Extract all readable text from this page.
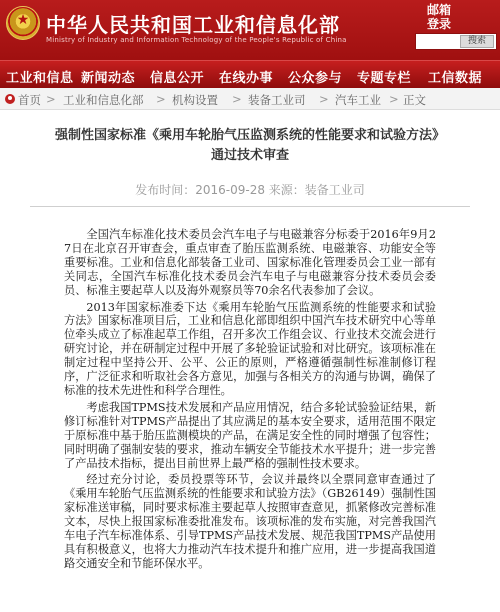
★
中华人民共和国工业和信息化部
Ministry of Industry and Information Technology of the People's Republic of China
邮箱
登录
搜索
工业和信息 新闻动态 信息公开 在线办事 公众参与 专题专栏 工信数据
首页 > 工业和信息化部 > 机构设置 > 装备工业司 > 汽车工业 > 正文
强制性国家标准《乘用车轮胎气压监测系统的性能要求和试验方法》
通过技术审查
发布时间：2016-09-28 来源：装备工业司

全国汽车标准化技术委员会汽车电子与电磁兼容分标委于2016年9月27日在北京召开审查会，重点审查了胎压监测系统、电磁兼容、功能安全等重要标准。工业和信息化部装备工业司、国家标准化管理委员会工业一部有关同志，全国汽车标准化技术委员会汽车电子与电磁兼容分技术委员会委员、标准主要起草人以及海外观察员等70余名代表参加了会议。

2013年国家标准委下达《乘用车轮胎气压监测系统的性能要求和试验方法》国家标准项目后，工业和信息化部即组织中国汽车技术研究中心等单位牵头成立了标准起草工作组，召开多次工作组会议、行业技术交流会进行研究讨论，并在研制定过程中开展了多轮验证试验和对比研究。该项标准在制定过程中坚持公开、公平、公正的原则，严格遵循强制性标准制修订程序，广泛征求和听取社会各方意见，加强与各相关方的沟通与协调，确保了标准的技术先进性和科学合理性。

考虑我国TPMS技术发展和产品应用情况，结合多轮试验验证结果，新修订标准针对TPMS产品提出了其应满足的基本安全要求，适用范围不限定于原标准中基于胎压监测模块的产品，在满足安全性的同时增强了包容性；同时明确了强制安装的要求，推动车辆安全节能技术水平提升；进一步完善了产品技术指标，提出目前世界上最严格的强制性技术要求。

经过充分讨论，委员投票等环节，会议并最终以全票同意审查通过了《乘用车轮胎气压监测系统的性能要求和试验方法》（GB26149）强制性国家标准送审稿，同时要求标准主要起草人按照审查意见，抓紧修改完善标准文本，尽快上报国家标准委批准发布。该项标准的发布实施，对完善我国汽车电子汽车标准体系、引导TPMS产品技术发展、规范我国TPMS产品使用具有积极意义，也将大力推动汽车技术提升和推广应用，进一步提高我国道路交通安全和节能环保水平。
